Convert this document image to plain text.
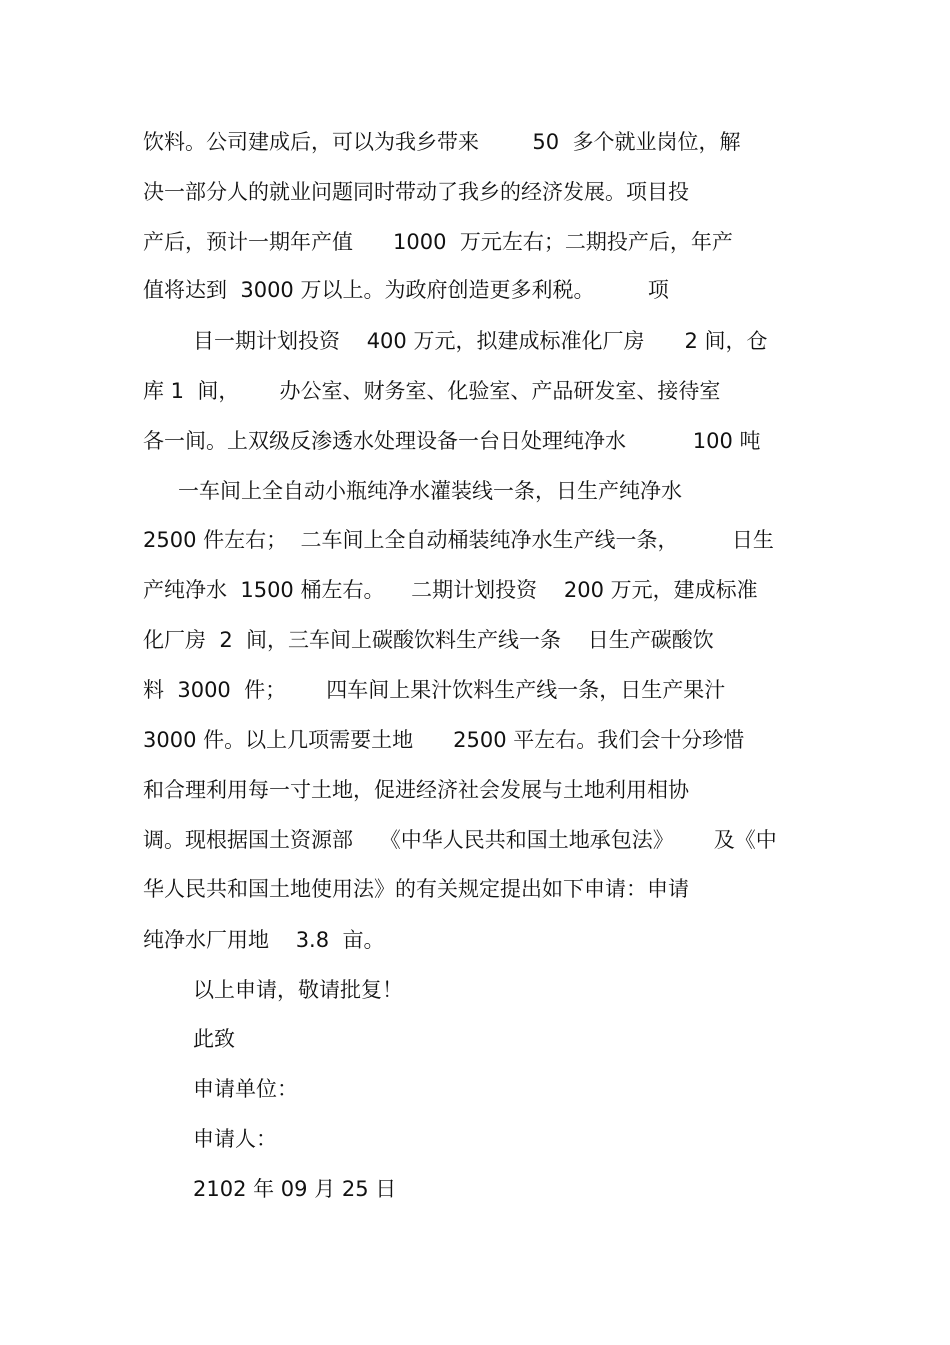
饮料。公司建成后，可以为我乡带来        50  多个就业岗位，解

决一部分人的就业问题同时带动了我乡的经济发展。项目投

产后，预计一期年产值      1000  万元左右；二期投产后，年产

值将达到  3000 万以上。为政府创造更多利税。        项

目一期计划投资    400 万元，拟建成标准化厂房      2 间，仓

库 1  间，      办公室、财务室、化验室、产品研发室、接待室

各一间。上双级反渗透水处理设备一台日处理纯净水          100 吨

一车间上全自动小瓶纯净水灌装线一条，日生产纯净水

2500 件左右；  二车间上全自动桶装纯净水生产线一条，        日生

产纯净水  1500 桶左右。    二期计划投资    200 万元，建成标准

化厂房  2  间，三车间上碳酸饮料生产线一条    日生产碳酸饮

料  3000  件；      四车间上果汁饮料生产线一条，日生产果汁

3000 件。以上几项需要土地      2500 平左右。我们会十分珍惜

和合理利用每一寸土地，促进经济社会发展与土地利用相协

调。现根据国土资源部    《中华人民共和国土地承包法》      及《中

华人民共和国土地使用法》的有关规定提出如下申请：申请

纯净水厂用地    3.8  亩。

以上申请，敬请批复！

此致

申请单位：

申请人：

2102 年 09 月 25 日
